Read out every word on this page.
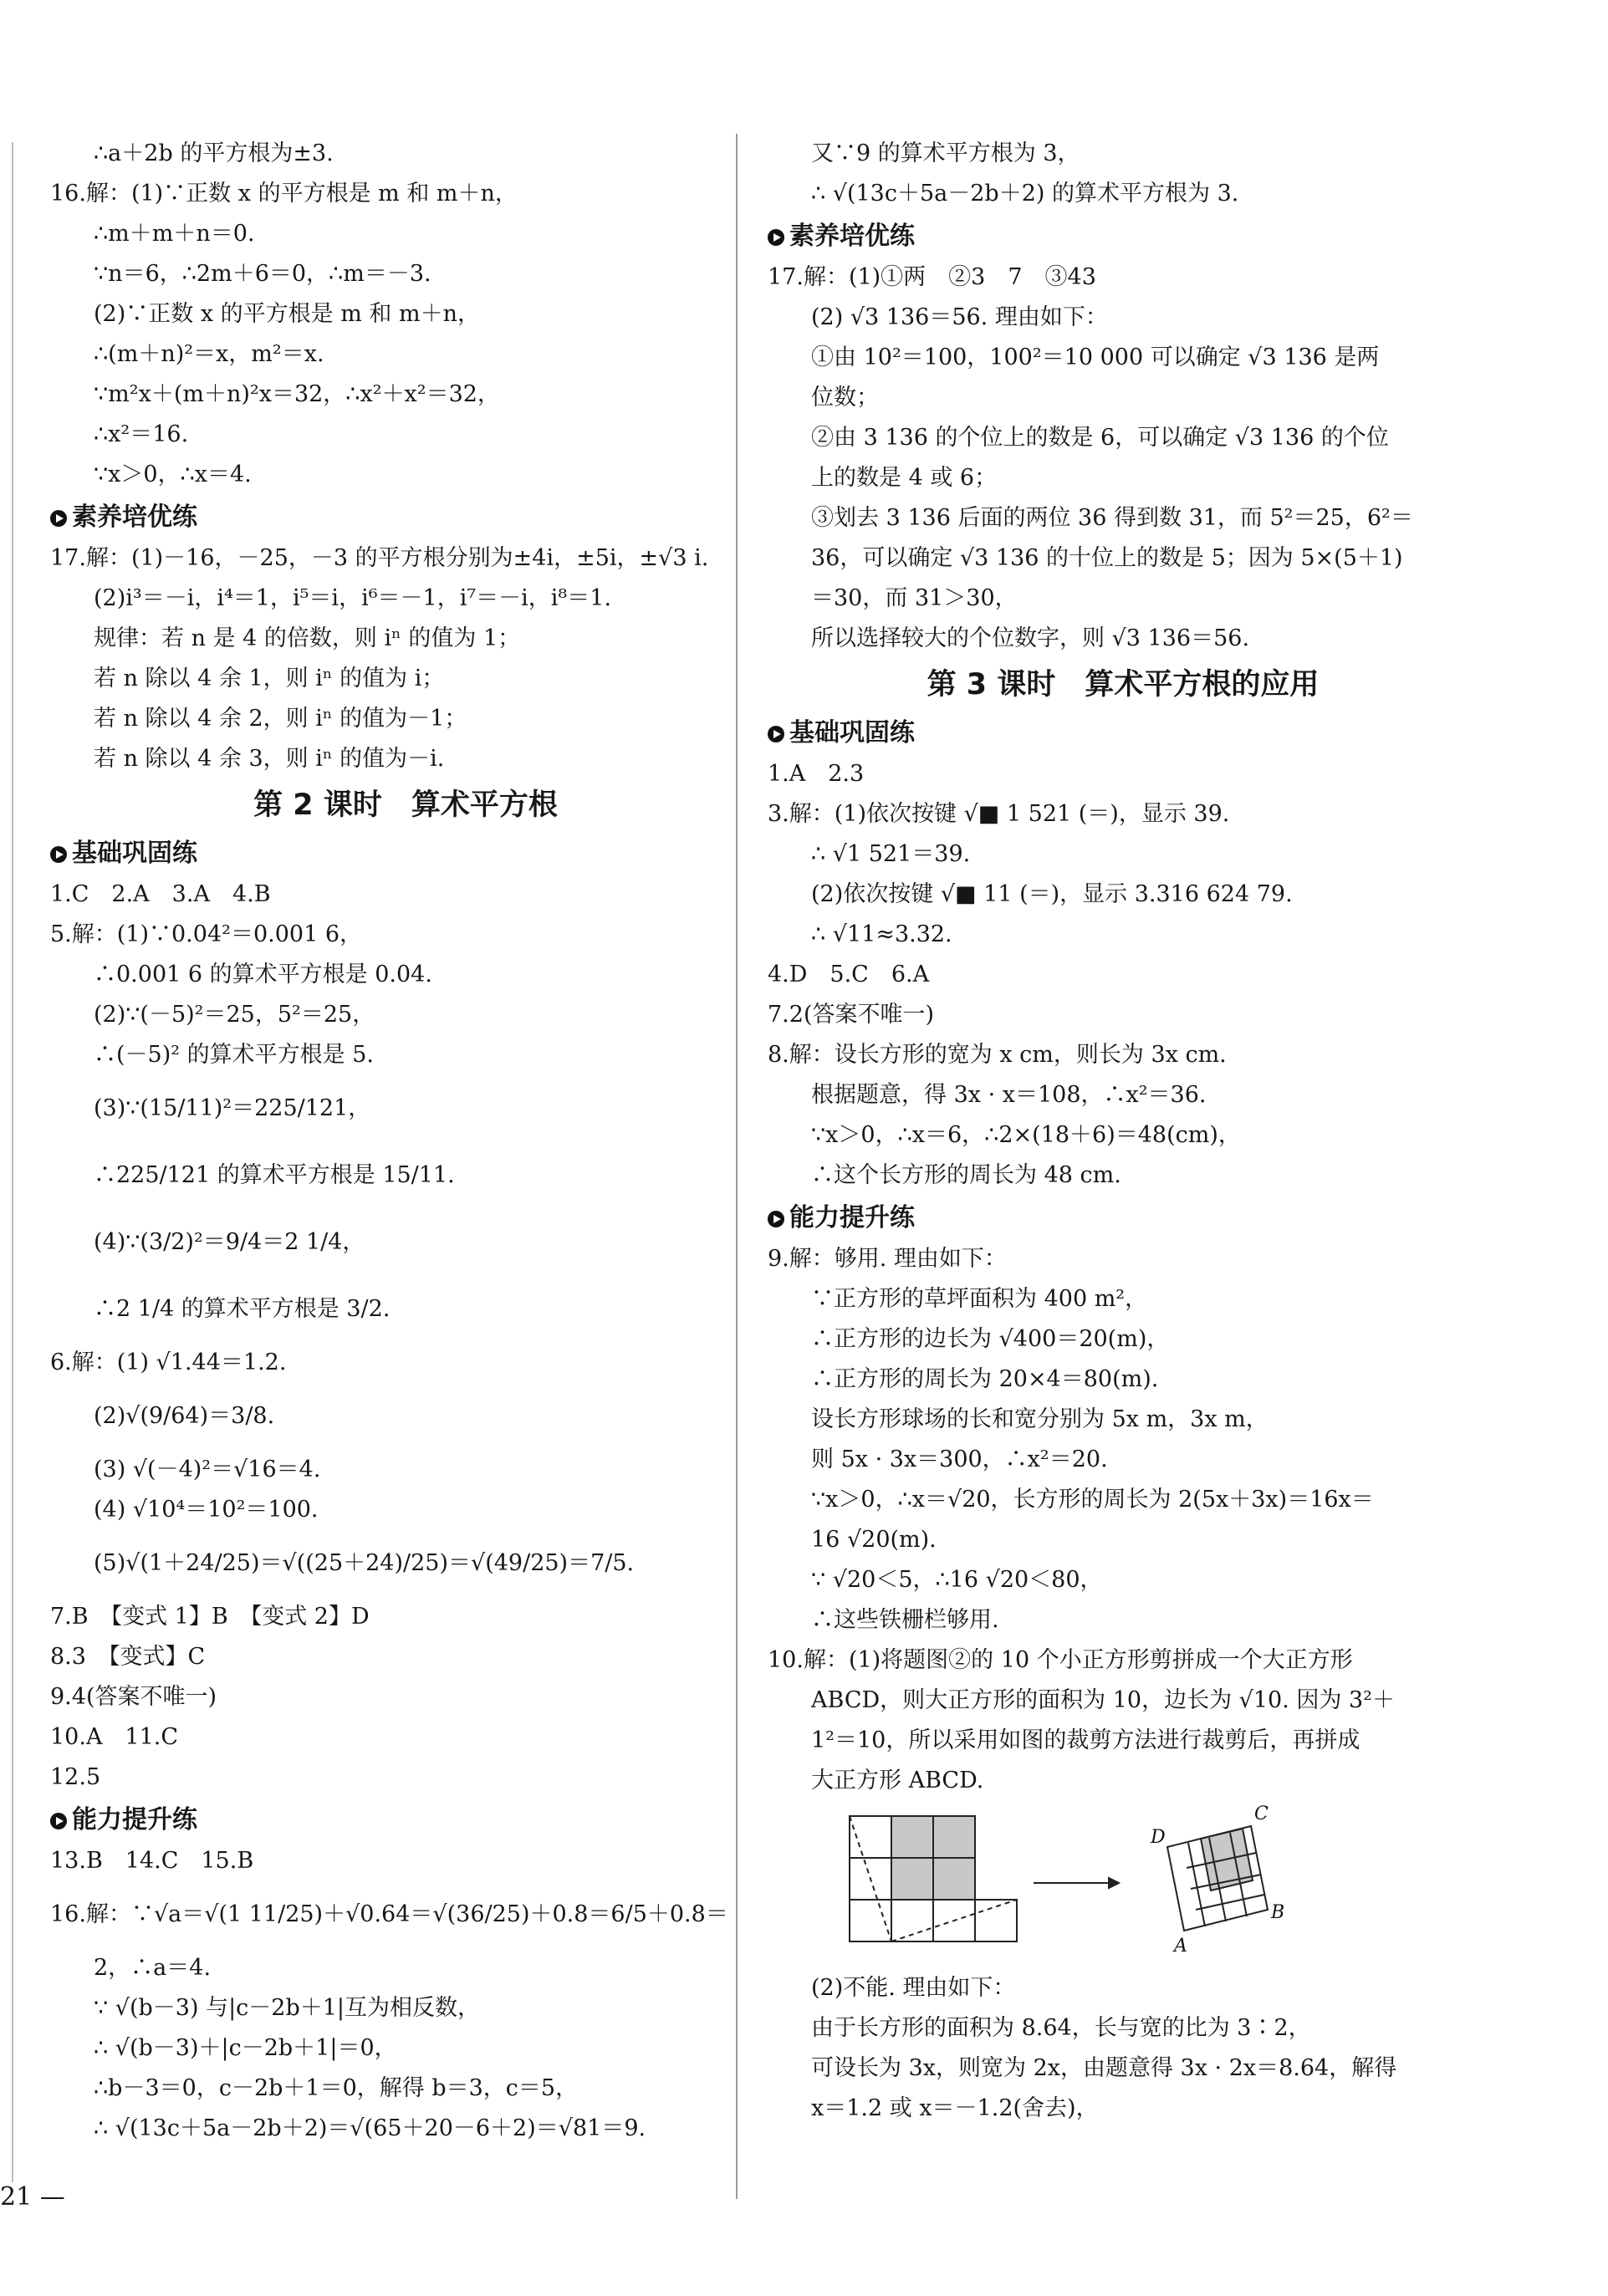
∴a＋2b 的平方根为±3.
16.解：(1)∵正数 x 的平方根是 m 和 m＋n，
∴m＋m＋n＝0.
∵n＝6，∴2m＋6＝0，∴m＝－3.
(2)∵正数 x 的平方根是 m 和 m＋n，
∴(m＋n)²＝x，m²＝x.
∵m²x＋(m＋n)²x＝32，∴x²＋x²＝32，
∴x²＝16.
∵x＞0，∴x＝4.
素养培优练
17.解：(1)－16，－25，－3 的平方根分别为±4i，±5i，±√3 i.
(2)i³＝－i，i⁴＝1，i⁵＝i，i⁶＝－1，i⁷＝－i，i⁸＝1.
规律：若 n 是 4 的倍数，则 iⁿ 的值为 1；
若 n 除以 4 余 1，则 iⁿ 的值为 i；
若 n 除以 4 余 2，则 iⁿ 的值为－1；
若 n 除以 4 余 3，则 iⁿ 的值为－i.
第 2 课时　算术平方根
基础巩固练
1.C　2.A　3.A　4.B
5.解：(1)∵0.04²＝0.001 6，
∴0.001 6 的算术平方根是 0.04.
(2)∵(－5)²＝25，5²＝25，
∴(－5)² 的算术平方根是 5.
(3)∵(15/11)²＝225/121，
∴225/121 的算术平方根是 15/11.
(4)∵(3/2)²＝9/4＝2 1/4，
∴2 1/4 的算术平方根是 3/2.
6.解：(1) √1.44＝1.2.
(2)√(9/64)＝3/8.
(3) √(－4)²＝√16＝4.
(4) √10⁴＝10²＝100.
(5)√(1＋24/25)＝√((25＋24)/25)＝√(49/25)＝7/5.
7.B　【变式 1】B　【变式 2】D
8.3　【变式】C
9.4(答案不唯一)
10.A　11.C
12.5
能力提升练
13.B　14.C　15.B
16.解：∵√a＝√(1 11/25)＋√0.64＝√(36/25)＋0.8＝6/5＋0.8＝
2，∴a＝4.
∵ √(b－3) 与|c－2b＋1|互为相反数，
∴ √(b－3)＋|c－2b＋1|＝0，
∴b－3＝0，c－2b＋1＝0，解得 b＝3，c＝5，
∴ √(13c＋5a－2b＋2)＝√(65＋20－6＋2)＝√81＝9.
又∵9 的算术平方根为 3，
∴ √(13c＋5a－2b＋2) 的算术平方根为 3.
素养培优练
17.解：(1)①两　②3　7　③43
(2) √3 136＝56. 理由如下：
①由 10²＝100，100²＝10 000 可以确定 √3 136 是两
位数；
②由 3 136 的个位上的数是 6，可以确定 √3 136 的个位
上的数是 4 或 6；
③划去 3 136 后面的两位 36 得到数 31，而 5²＝25，6²＝
36，可以确定 √3 136 的十位上的数是 5；因为 5×(5＋1)
＝30，而 31＞30，
所以选择较大的个位数字，则 √3 136＝56.
第 3 课时　算术平方根的应用
基础巩固练
1.A　2.3
3.解：(1)依次按键 √■ 1 521 (＝)，显示 39.
∴ √1 521＝39.
(2)依次按键 √■ 11 (＝)，显示 3.316 624 79.
∴ √11≈3.32.
4.D　5.C　6.A
7.2(答案不唯一)
8.解：设长方形的宽为 x cm，则长为 3x cm.
根据题意，得 3x · x＝108，∴x²＝36.
∵x＞0，∴x＝6，∴2×(18＋6)＝48(cm)，
∴这个长方形的周长为 48 cm.
能力提升练
9.解：够用. 理由如下：
∵正方形的草坪面积为 400 m²，
∴正方形的边长为 √400＝20(m)，
∴正方形的周长为 20×4＝80(m).
设长方形球场的长和宽分别为 5x m，3x m，
则 5x · 3x＝300，∴x²＝20.
∵x＞0，∴x＝√20，长方形的周长为 2(5x＋3x)＝16x＝
16 √20(m).
∵ √20＜5，∴16 √20＜80，
∴这些铁栅栏够用.
10.解：(1)将题图②的 10 个小正方形剪拼成一个大正方形
ABCD，则大正方形的面积为 10，边长为 √10. 因为 3²＋
1²＝10，所以采用如图的裁剪方法进行裁剪后，再拼成
大正方形 ABCD.
D
C
B
A
(2)不能. 理由如下：
由于长方形的面积为 8.64，长与宽的比为 3∶2，
可设长为 3x，则宽为 2x，由题意得 3x · 2x＝8.64，解得
x＝1.2 或 x＝－1.2(舍去)，
21 —
